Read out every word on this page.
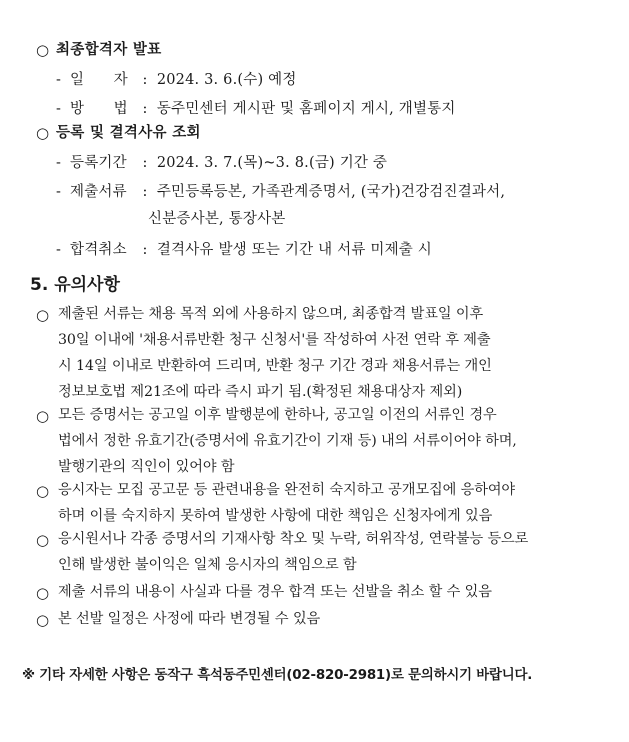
○ 최종합격자 발표
- 일　　자 : 2024. 3. 6.(수) 예정
- 방　　법 : 동주민센터 게시판 및 홈페이지 게시, 개별통지
○ 등록 및 결격사유 조회
- 등록기간 : 2024. 3. 7.(목)~3. 8.(금) 기간 중
- 제출서류 : 주민등록등본, 가족관계증명서, (국가)건강검진결과서,
신분증사본, 통장사본
- 합격취소 : 결격사유 발생 또는 기간 내 서류 미제출 시
5. 유의사항
○ 제출된 서류는 채용 목적 외에 사용하지 않으며, 최종합격 발표일 이후
30일 이내에 '채용서류반환 청구 신청서'를 작성하여 사전 연락 후 제출
시 14일 이내로 반환하여 드리며, 반환 청구 기간 경과 채용서류는 개인
정보보호법 제21조에 따라 즉시 파기 됨.(확정된 채용대상자 제외)
○ 모든 증명서는 공고일 이후 발행분에 한하나, 공고일 이전의 서류인 경우
법에서 정한 유효기간(증명서에 유효기간이 기재 등) 내의 서류이어야 하며,
발행기관의 직인이 있어야 함
○ 응시자는 모집 공고문 등 관련내용을 완전히 숙지하고 공개모집에 응하여야
하며 이를 숙지하지 못하여 발생한 사항에 대한 책임은 신청자에게 있음
○ 응시원서나 각종 증명서의 기재사항 착오 및 누락, 허위작성, 연락불능 등으로
인해 발생한 불이익은 일체 응시자의 책임으로 함
○ 제출 서류의 내용이 사실과 다를 경우 합격 또는 선발을 취소 할 수 있음
○ 본 선발 일정은 사정에 따라 변경될 수 있음
※ 기타 자세한 사항은 동작구 흑석동주민센터(02-820-2981)로 문의하시기 바랍니다.
